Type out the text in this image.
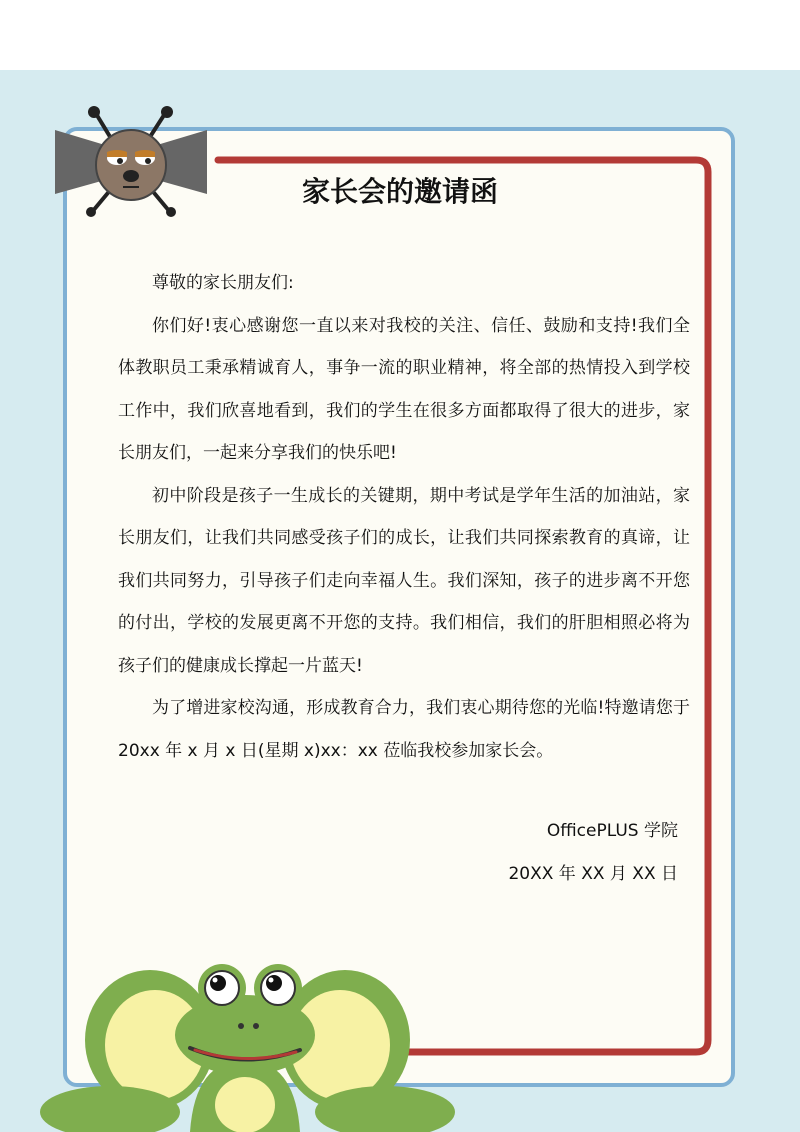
家长会的邀请函

尊敬的家长朋友们:

你们好!衷心感谢您一直以来对我校的关注、信任、鼓励和支持!我们全体教职员工秉承精诚育人，事争一流的职业精神，将全部的热情投入到学校工作中，我们欣喜地看到，我们的学生在很多方面都取得了很大的进步，家长朋友们，一起来分享我们的快乐吧!

初中阶段是孩子一生成长的关键期，期中考试是学年生活的加油站，家长朋友们，让我们共同感受孩子们的成长，让我们共同探索教育的真谛，让我们共同努力，引导孩子们走向幸福人生。我们深知，孩子的进步离不开您的付出，学校的发展更离不开您的支持。我们相信，我们的肝胆相照必将为孩子们的健康成长撑起一片蓝天!

为了增进家校沟通，形成教育合力，我们衷心期待您的光临!特邀请您于 20xx 年 x 月 x 日(星期 x)xx：xx 莅临我校参加家长会。

OfficePLUS 学院
20XX 年 XX 月 XX 日
